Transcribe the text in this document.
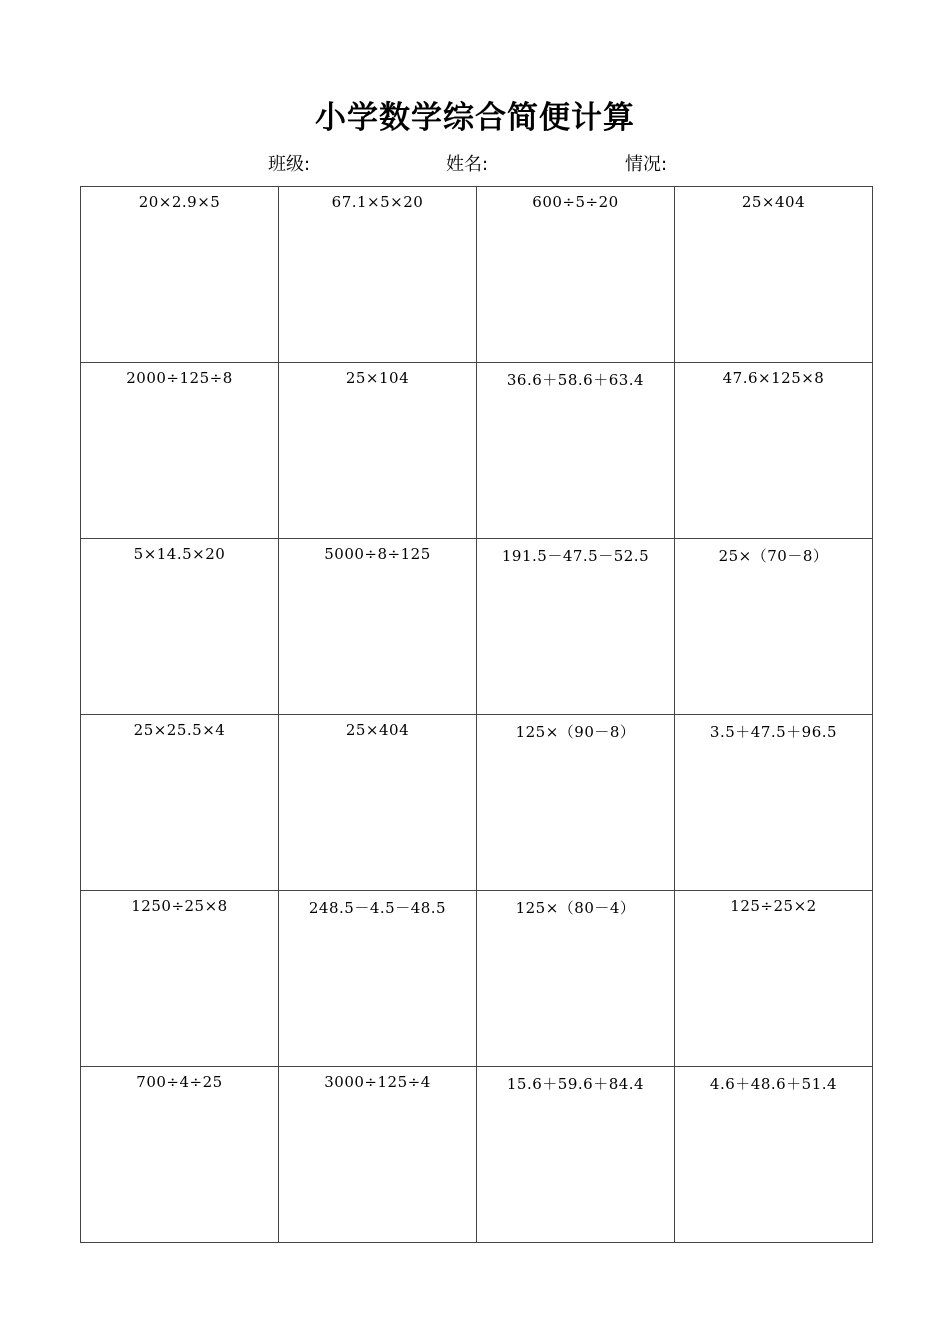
小学数学综合简便计算
班级:	姓名:	情况:
20×2.9×5	67.1×5×20	600÷5÷20	25×404

2000÷125÷8	25×104	36.6＋58.6＋63.4	47.6×125×8

5×14.5×20	5000÷8÷125	191.5－47.5－52.5	25×（70－8）

25×25.5×4	25×404	125×（90－8）	3.5＋47.5＋96.5

1250÷25×8	248.5－4.5－48.5	125×（80－4）	125÷25×2

700÷4÷25	3000÷125÷4	15.6＋59.6＋84.4	4.6＋48.6＋51.4
